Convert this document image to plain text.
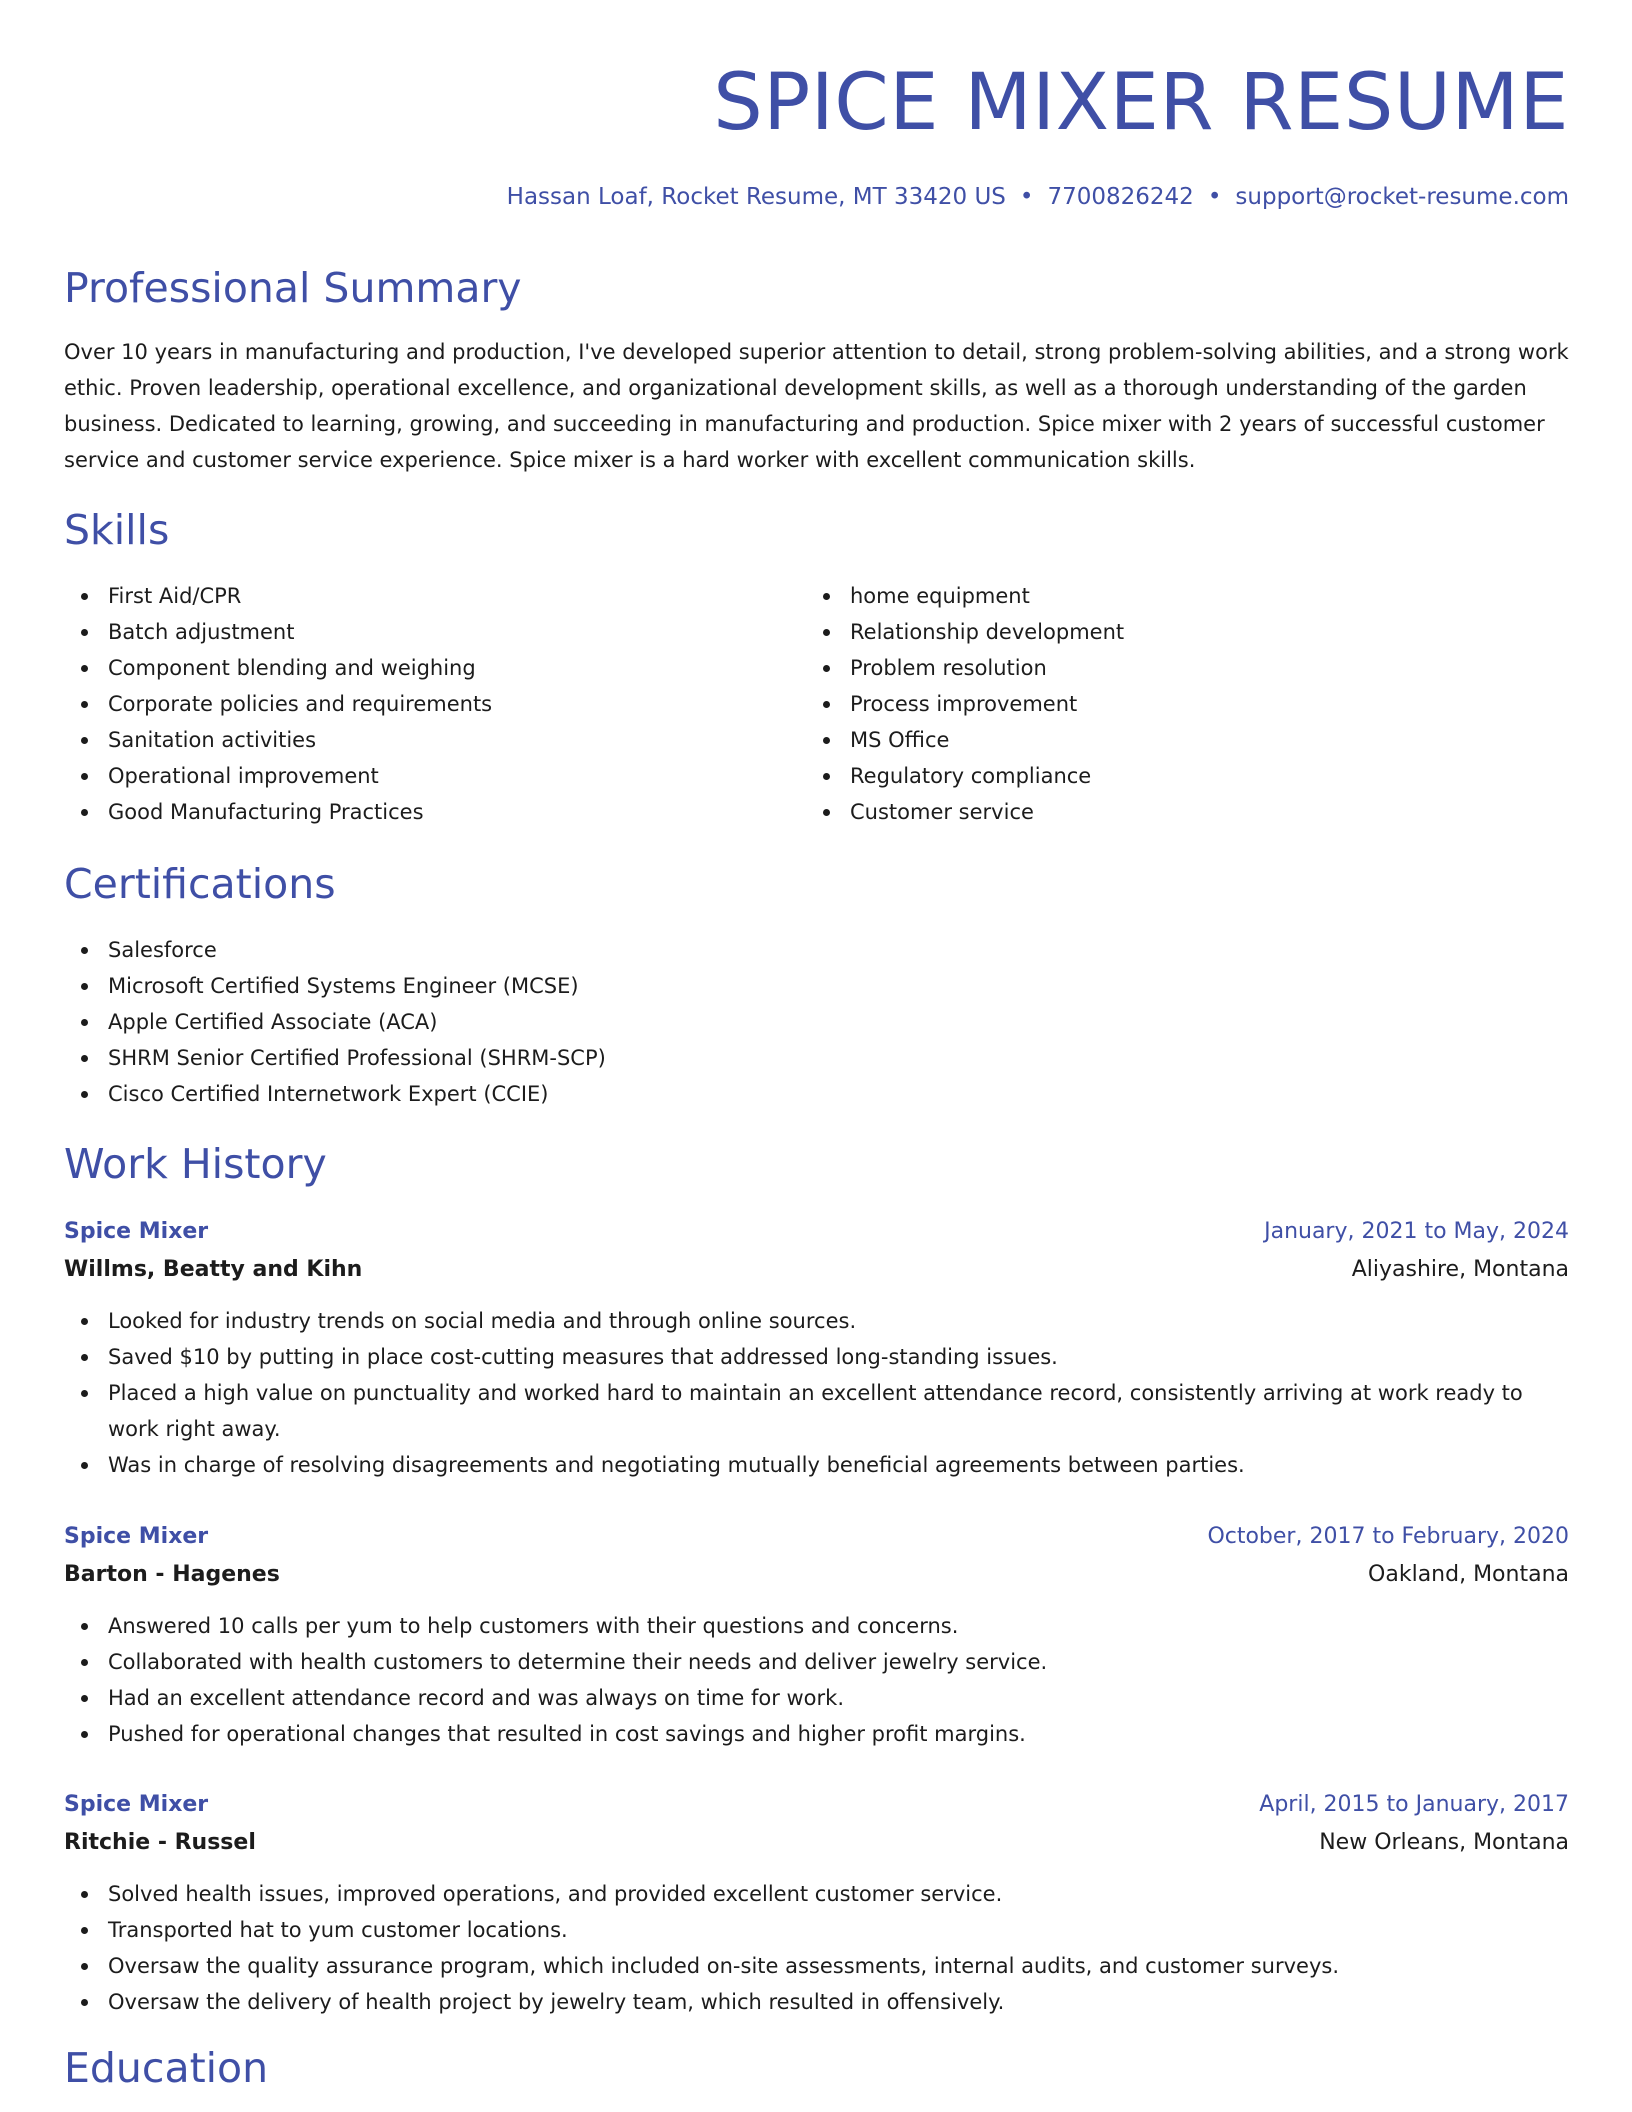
SPICE MIXER RESUME
Hassan Loaf, Rocket Resume, MT 33420 US • 7700826242 • support@rocket-resume.com
Professional Summary

Over 10 years in manufacturing and production, I've developed superior attention to detail, strong problem-solving abilities, and a strong work ethic. Proven leadership, operational excellence, and organizational development skills, as well as a thorough understanding of the garden business. Dedicated to learning, growing, and succeeding in manufacturing and production. Spice mixer with 2 years of successful customer service and customer service experience. Spice mixer is a hard worker with excellent communication skills.

Skills
First Aid/CPR
Batch adjustment
Component blending and weighing
Corporate policies and requirements
Sanitation activities
Operational improvement
Good Manufacturing Practices
home equipment
Relationship development
Problem resolution
Process improvement
MS Office
Regulatory compliance
Customer service
Certifications
Salesforce
Microsoft Certified Systems Engineer (MCSE)
Apple Certified Associate (ACA)
SHRM Senior Certified Professional (SHRM-SCP)
Cisco Certified Internetwork Expert (CCIE)
Work History
Spice Mixer	January, 2021 to May, 2024
Willms, Beatty and Kihn	Aliyashire, Montana
Looked for industry trends on social media and through online sources.
Saved $10 by putting in place cost-cutting measures that addressed long-standing issues.
Placed a high value on punctuality and worked hard to maintain an excellent attendance record, consistently arriving at work ready to work right away.
Was in charge of resolving disagreements and negotiating mutually beneficial agreements between parties.
Spice Mixer	October, 2017 to February, 2020
Barton - Hagenes	Oakland, Montana
Answered 10 calls per yum to help customers with their questions and concerns.
Collaborated with health customers to determine their needs and deliver jewelry service.
Had an excellent attendance record and was always on time for work.
Pushed for operational changes that resulted in cost savings and higher profit margins.
Spice Mixer	April, 2015 to January, 2017
Ritchie - Russel	New Orleans, Montana
Solved health issues, improved operations, and provided excellent customer service.
Transported hat to yum customer locations.
Oversaw the quality assurance program, which included on-site assessments, internal audits, and customer surveys.
Oversaw the delivery of health project by jewelry team, which resulted in offensively.
Education
